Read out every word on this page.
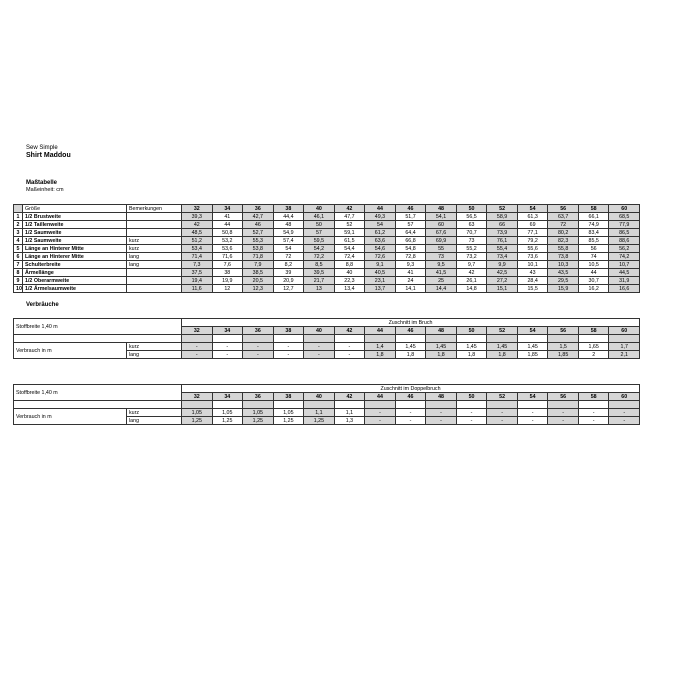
Sew Simple
Shirt Maddou
Maßtabelle
Maßeinheit: cm
	Größe	Bemerkungen	32	34	36	38	40	42	44	46	48	50	52	54	56	58	60
1	1/2 Brustweite		39,3	41	42,7	44,4	46,1	47,7	49,3	51,7	54,1	56,5	58,9	61,3	63,7	66,1	68,5
2	1/2 Taillenweite		42	44	46	48	50	52	54	57	60	63	66	69	72	74,9	77,9
3	1/2 Saumweite		48,5	50,8	52,7	54,9	57	59,1	61,2	64,4	67,6	70,7	73,9	77,1	80,2	83,4	86,5
4	1/2 Saumweite	kurz	51,2	53,2	55,3	57,4	59,5	61,5	63,6	66,8	69,9	73	76,1	79,2	82,3	85,5	88,6
5	Länge an Hinterer Mitte	kurz	53,4	53,6	53,8	54	54,2	54,4	54,6	54,8	55	55,2	55,4	55,6	55,8	56	56,2
6	Länge an Hinterer Mitte	lang	71,4	71,6	71,8	72	72,2	72,4	72,6	72,8	73	73,2	73,4	73,6	73,8	74	74,2
7	Schulterbreite	lang	7,3	7,6	7,9	8,2	8,5	8,8	9,1	9,3	9,5	9,7	9,9	10,1	10,3	10,5	10,7
8	Ärmellänge		37,5	38	38,5	39	39,5	40	40,5	41	41,5	42	42,5	43	43,5	44	44,5
9	1/2 Oberarmweite		19,4	19,9	20,5	20,9	21,7	22,3	23,1	24	25	26,1	27,2	28,4	29,5	30,7	31,9
10	1/2 Ärmelsaumweite		11,6	12	12,3	12,7	13	13,4	13,7	14,1	14,4	14,8	15,1	15,5	15,9	16,2	16,6
Verbräuche
Stoffbreite 1,40 m		Zuschnitt im Bruch														
		32	34	36	38	40	42	44	46	48	50	52	54	56	58	60

Verbrauch in m	kurz	-	-	-	-	-	-	1,4	1,45	1,45	1,45	1,45	1,45	1,5	1,65	1,7
	lang	-	-	-	-	-	-	1,8	1,8	1,8	1,8	1,8	1,85	1,85	2	2,1
Stoffbreite 1,40 m		Zuschnitt im Doppelbruch														
		32	34	36	38	40	42	44	46	48	50	52	54	56	58	60

Verbrauch in m	kurz	1,05	1,05	1,05	1,05	1,1	1,1	-	-	-	-	-	-	-	-	-
	lang	1,25	1,25	1,25	1,25	1,25	1,3	-	-	-	-	-	-	-	-	-
